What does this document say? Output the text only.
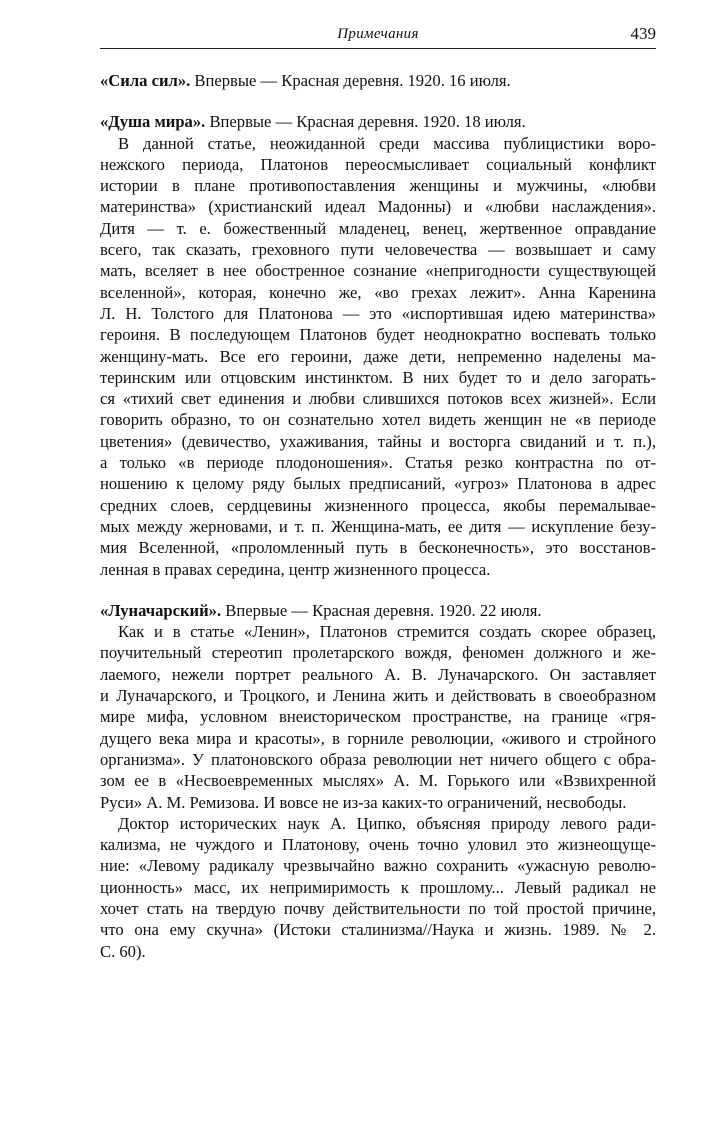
Примечания	439
«Сила сил». Впервые — Красная деревня. 1920. 16 июля.
«Душа мира». Впервые — Красная деревня. 1920. 18 июля.
В данной статье, неожиданной среди массива публицистики воро-
нежского периода, Платонов переосмысливает социальный конфликт
истории в плане противопоставления женщины и мужчины, «любви
материнства» (христианский идеал Мадонны) и «любви наслаждения».
Дитя — т. е. божественный младенец, венец, жертвенное оправдание
всего, так сказать, греховного пути человечества — возвышает и саму
мать, вселяет в нее обостренное сознание «непригодности существующей
вселенной», которая, конечно же, «во грехах лежит». Анна Каренина
Л. Н. Толстого для Платонова — это «испортившая идею материнства»
героиня. В последующем Платонов будет неоднократно воспевать только
женщину-мать. Все его героини, даже дети, непременно наделены ма-
теринским или отцовским инстинктом. В них будет то и дело загорать-
ся «тихий свет единения и любви слившихся потоков всех жизней». Если
говорить образно, то он сознательно хотел видеть женщин не «в периоде
цветения» (девичество, ухаживания, тайны и восторга свиданий и т. п.),
а только «в периоде плодоношения». Статья резко контрастна по от-
ношению к целому ряду былых предписаний, «угроз» Платонова в адрес
средних слоев, сердцевины жизненного процесса, якобы перемалывае-
мых между жерновами, и т. п. Женщина-мать, ее дитя — искупление безу-
мия Вселенной, «проломленный путь в бесконечность», это восстанов-
ленная в правах середина, центр жизненного процесса.
«Луначарский». Впервые — Красная деревня. 1920. 22 июля.
Как и в статье «Ленин», Платонов стремится создать скорее образец,
поучительный стереотип пролетарского вождя, феномен должного и же-
лаемого, нежели портрет реального А. В. Луначарского. Он заставляет
и Луначарского, и Троцкого, и Ленина жить и действовать в своеобразном
мире мифа, условном внеисторическом пространстве, на границе «гря-
дущего века мира и красоты», в горниле революции, «живого и стройного
организма». У платоновского образа революции нет ничего общего с обра-
зом ее в «Несвоевременных мыслях» А. М. Горького или «Взвихренной
Руси» А. М. Ремизова. И вовсе не из-за каких-то ограничений, несвободы.
Доктор исторических наук А. Ципко, объясняя природу левого ради-
кализма, не чуждого и Платонову, очень точно уловил это жизнеощуще-
ние: «Левому радикалу чрезвычайно важно сохранить «ужасную револю-
ционность» масс, их непримиримость к прошлому... Левый радикал не
хочет стать на твердую почву действительности по той простой причине,
что она ему скучна» (Истоки сталинизма//Наука и жизнь. 1989. № 2.
С. 60).
